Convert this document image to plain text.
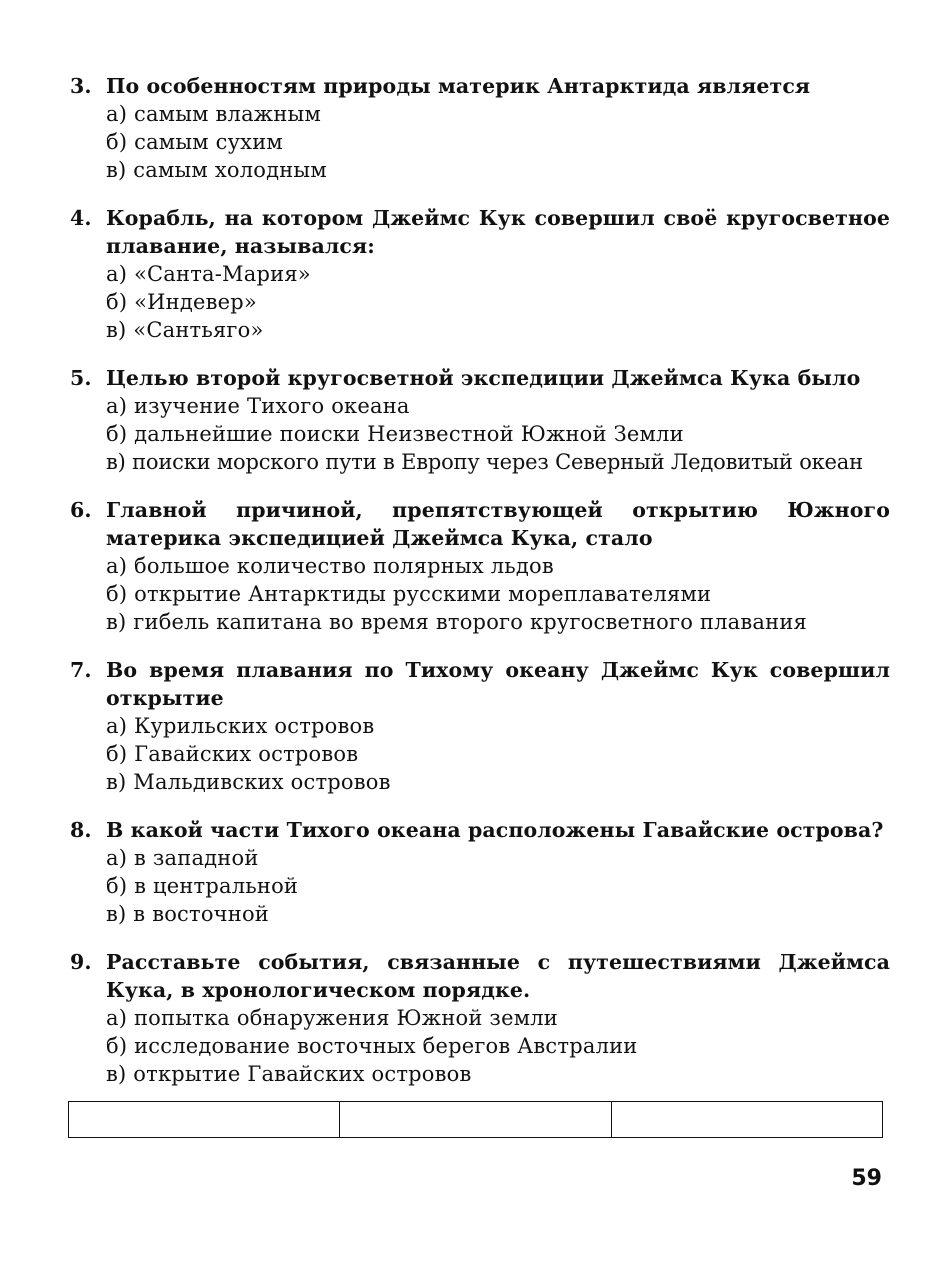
3. По особенностям природы материк Антарктида является
а) самым влажным
б) самым сухим
в) самым холодным
4. Корабль, на котором Джеймс Кук совершил своё кругосветное плавание, назывался:
а) «Санта-Мария»
б) «Индевер»
в) «Сантьяго»
5. Целью второй кругосветной экспедиции Джеймса Кука было
а) изучение Тихого океана
б) дальнейшие поиски Неизвестной Южной Земли
в) поиски морского пути в Европу через Северный Ледовитый океан
6. Главной причиной, препятствующей открытию Южного материка экспедицией Джеймса Кука, стало
а) большое количество полярных льдов
б) открытие Антарктиды русскими мореплавателями
в) гибель капитана во время второго кругосветного плавания
7. Во время плавания по Тихому океану Джеймс Кук совершил открытие
а) Курильских островов
б) Гавайских островов
в) Мальдивских островов
8. В какой части Тихого океана расположены Гавайские острова?
а) в западной
б) в центральной
в) в восточной
9. Расставьте события, связанные с путешествиями Джеймса Кука, в хронологическом порядке.
а) попытка обнаружения Южной земли
б) исследование восточных берегов Австралии
в) открытие Гавайских островов

59
